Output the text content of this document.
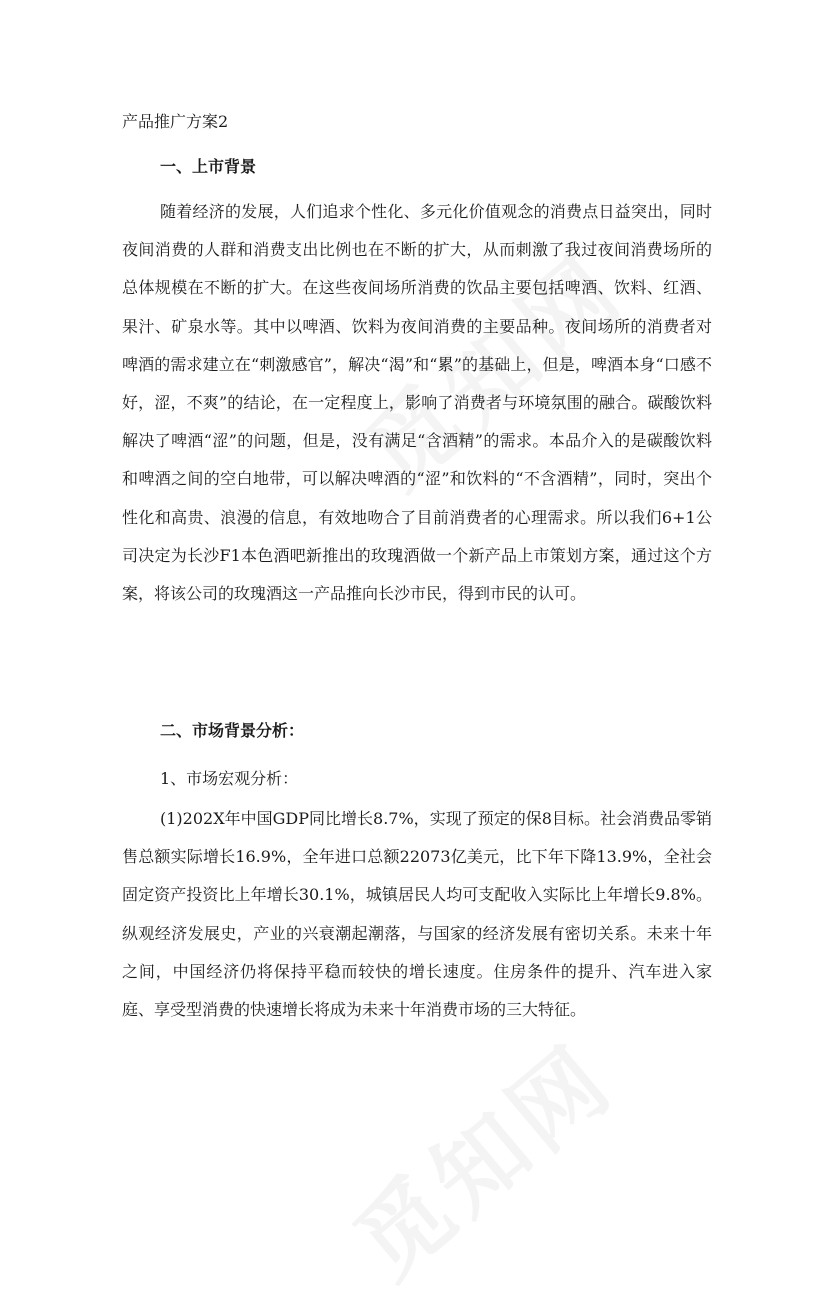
产品推广方案2
一、上市背景

随着经济的发展，人们追求个性化、多元化价值观念的消费点日益突出，同时夜间消费的人群和消费支出比例也在不断的扩大，从而刺激了我过夜间消费场所的总体规模在不断的扩大。在这些夜间场所消费的饮品主要包括啤酒、饮料、红酒、果汁、矿泉水等。其中以啤酒、饮料为夜间消费的主要品种。夜间场所的消费者对啤酒的需求建立在“刺激感官”，解决“渴”和“累”的基础上，但是，啤酒本身“口感不好，涩，不爽”的结论，在一定程度上，影响了消费者与环境氛围的融合。碳酸饮料解决了啤酒“涩”的问题，但是，没有满足“含酒精”的需求。本品介入的是碳酸饮料和啤酒之间的空白地带，可以解决啤酒的“涩”和饮料的“不含酒精”，同时，突出个性化和高贵、浪漫的信息，有效地吻合了目前消费者的心理需求。所以我们6+1公司决定为长沙F1本色酒吧新推出的玫瑰酒做一个新产品上市策划方案，通过这个方案，将该公司的玫瑰酒这一产品推向长沙市民，得到市民的认可。

二、市场背景分析：
1、市场宏观分析：

(1)202X年中国GDP同比增长8.7%，实现了预定的保8目标。社会消费品零销售总额实际增长16.9%，全年进口总额22073亿美元，比下年下降13.9%，全社会固定资产投资比上年增长30.1%，城镇居民人均可支配收入实际比上年增长9.8%。纵观经济发展史，产业的兴衰潮起潮落，与国家的经济发展有密切关系。未来十年之间，中国经济仍将保持平稳而较快的增长速度。住房条件的提升、汽车进入家庭、享受型消费的快速增长将成为未来十年消费市场的三大特征。
